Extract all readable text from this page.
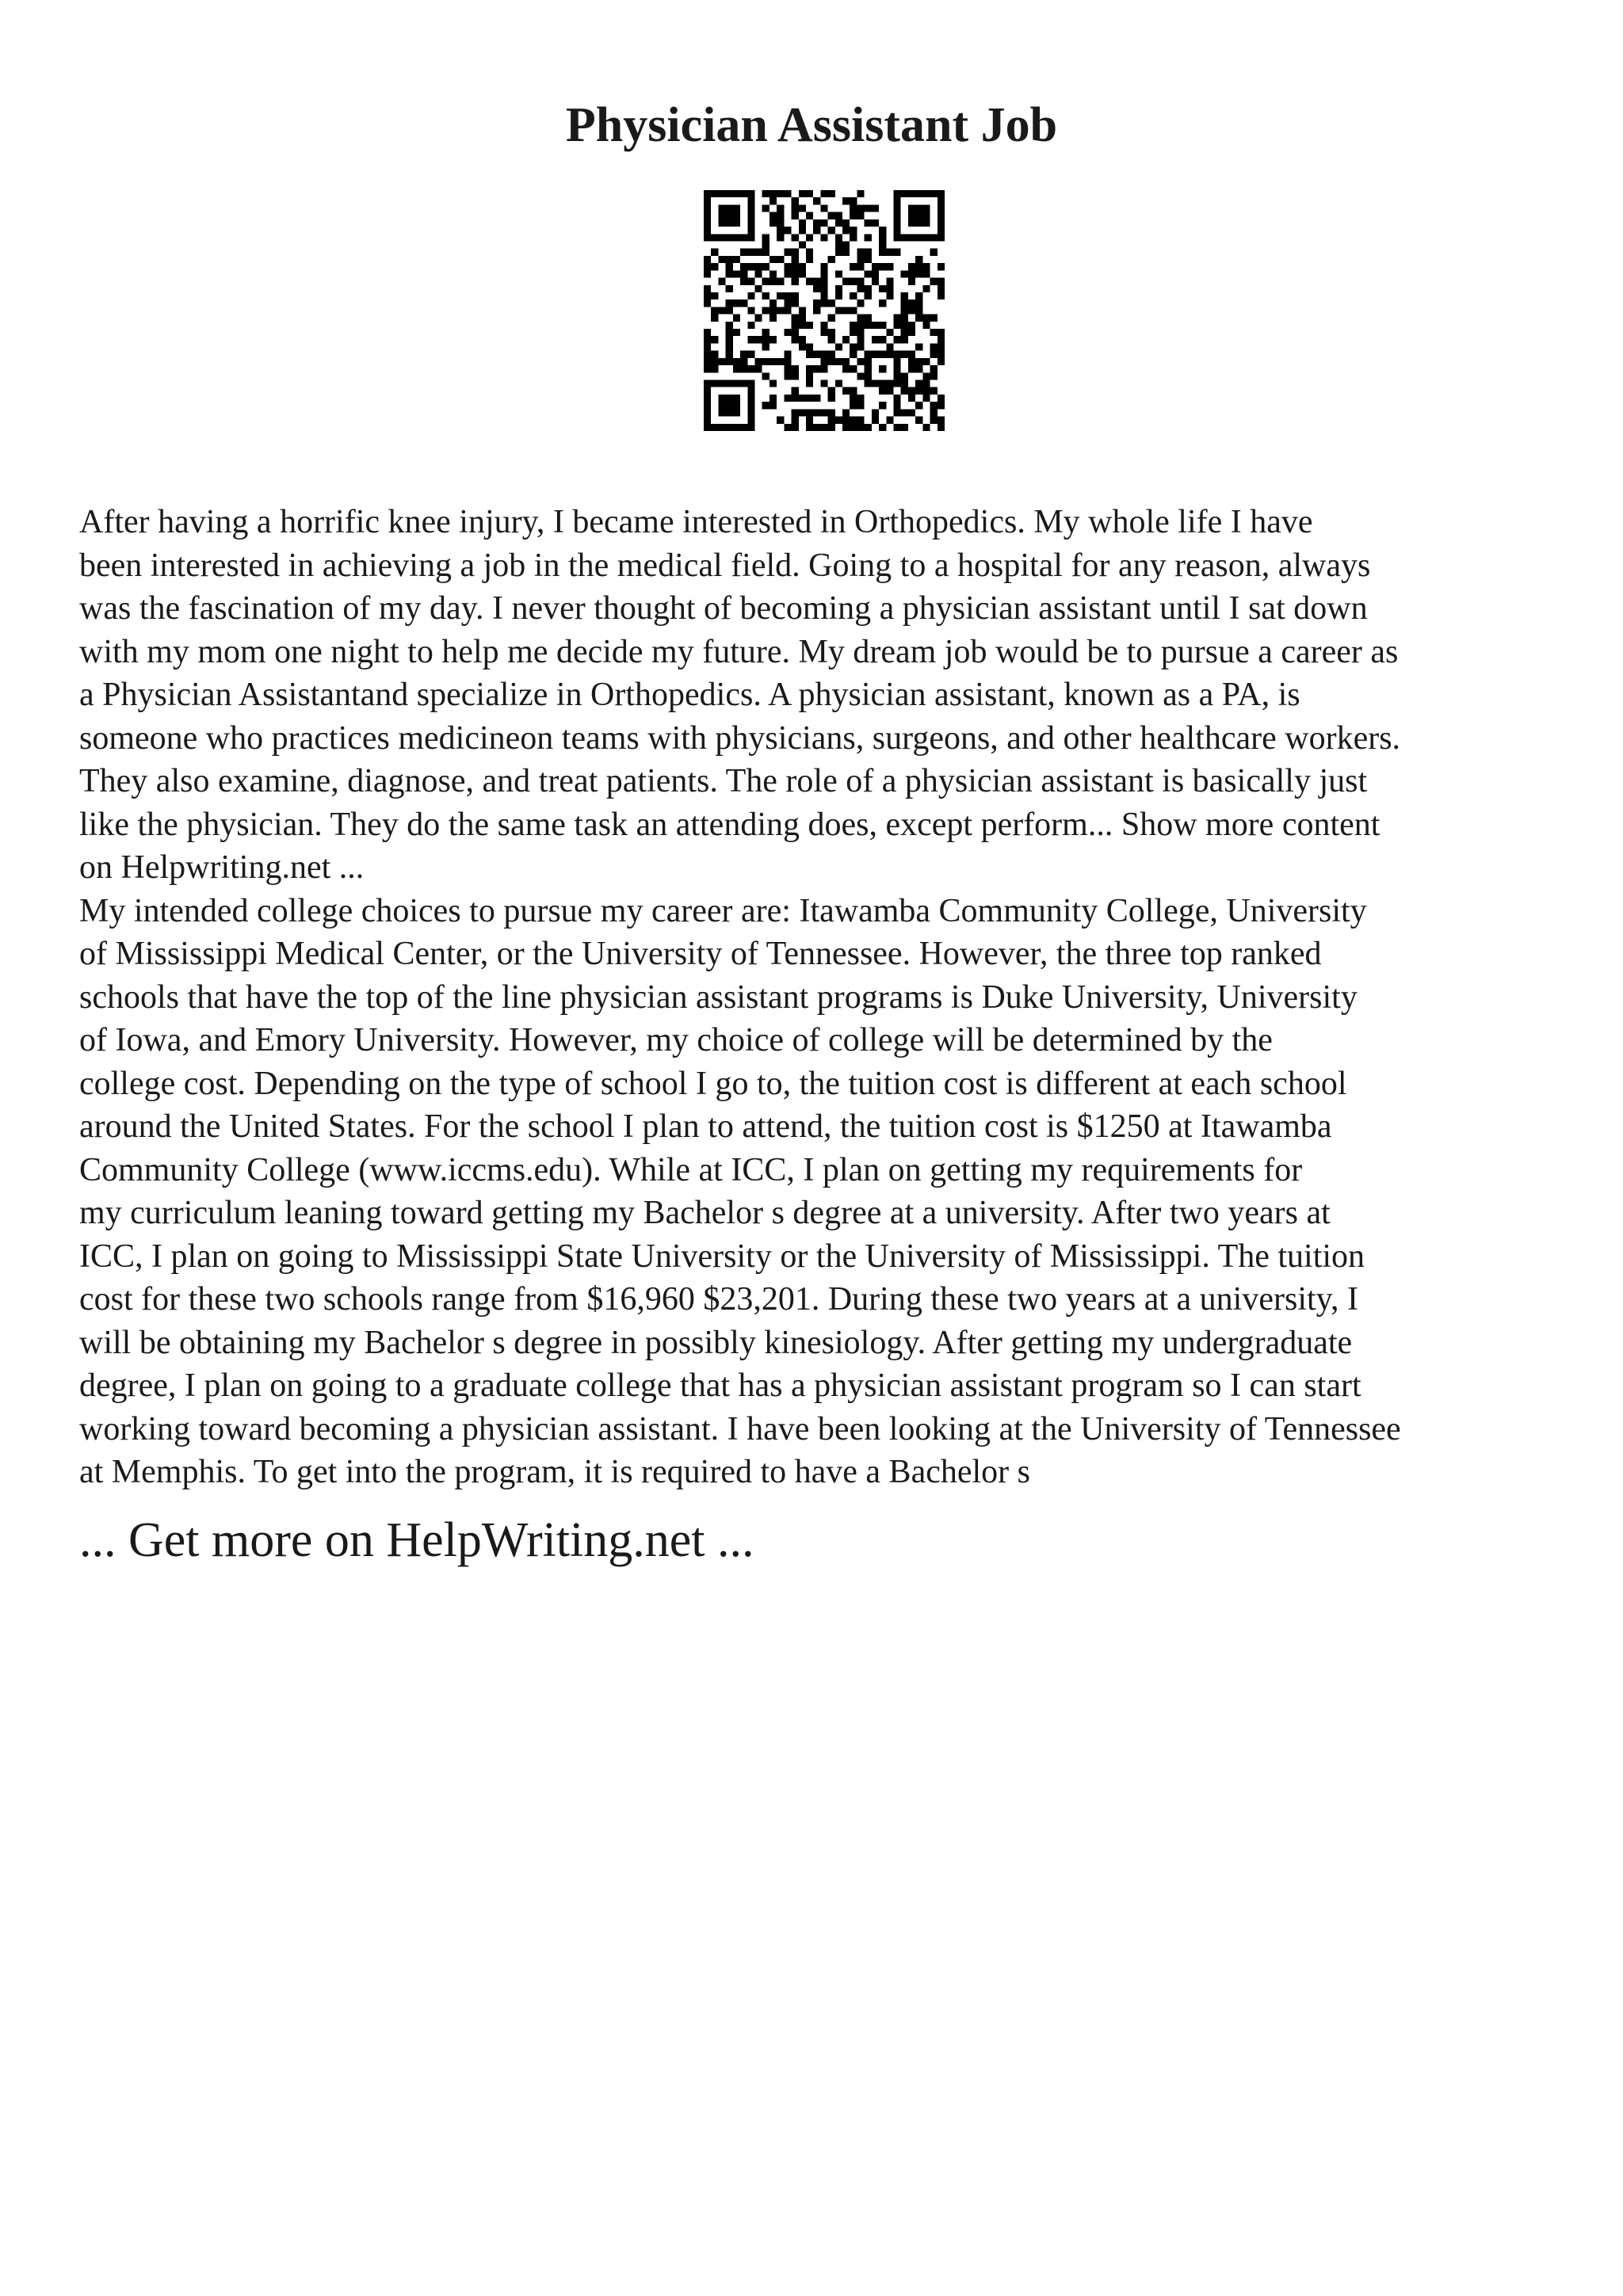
Physician Assistant Job

After having a horrific knee injury, I became interested in Orthopedics. My whole life I have
been interested in achieving a job in the medical field. Going to a hospital for any reason, always
was the fascination of my day. I never thought of becoming a physician assistant until I sat down
with my mom one night to help me decide my future. My dream job would be to pursue a career as
a Physician Assistantand specialize in Orthopedics. A physician assistant, known as a PA, is
someone who practices medicineon teams with physicians, surgeons, and other healthcare workers.
They also examine, diagnose, and treat patients. The role of a physician assistant is basically just
like the physician. They do the same task an attending does, except perform... Show more content
on Helpwriting.net ...

My intended college choices to pursue my career are: Itawamba Community College, University
of Mississippi Medical Center, or the University of Tennessee. However, the three top ranked
schools that have the top of the line physician assistant programs is Duke University, University
of Iowa, and Emory University. However, my choice of college will be determined by the
college cost. Depending on the type of school I go to, the tuition cost is different at each school
around the United States. For the school I plan to attend, the tuition cost is $1250 at Itawamba
Community College (www.iccms.edu). While at ICC, I plan on getting my requirements for
my curriculum leaning toward getting my Bachelor s degree at a university. After two years at
ICC, I plan on going to Mississippi State University or the University of Mississippi. The tuition
cost for these two schools range from $16,960 $23,201. During these two years at a university, I
will be obtaining my Bachelor s degree in possibly kinesiology. After getting my undergraduate
degree, I plan on going to a graduate college that has a physician assistant program so I can start
working toward becoming a physician assistant. I have been looking at the University of Tennessee
at Memphis. To get into the program, it is required to have a Bachelor s

... Get more on HelpWriting.net ...
